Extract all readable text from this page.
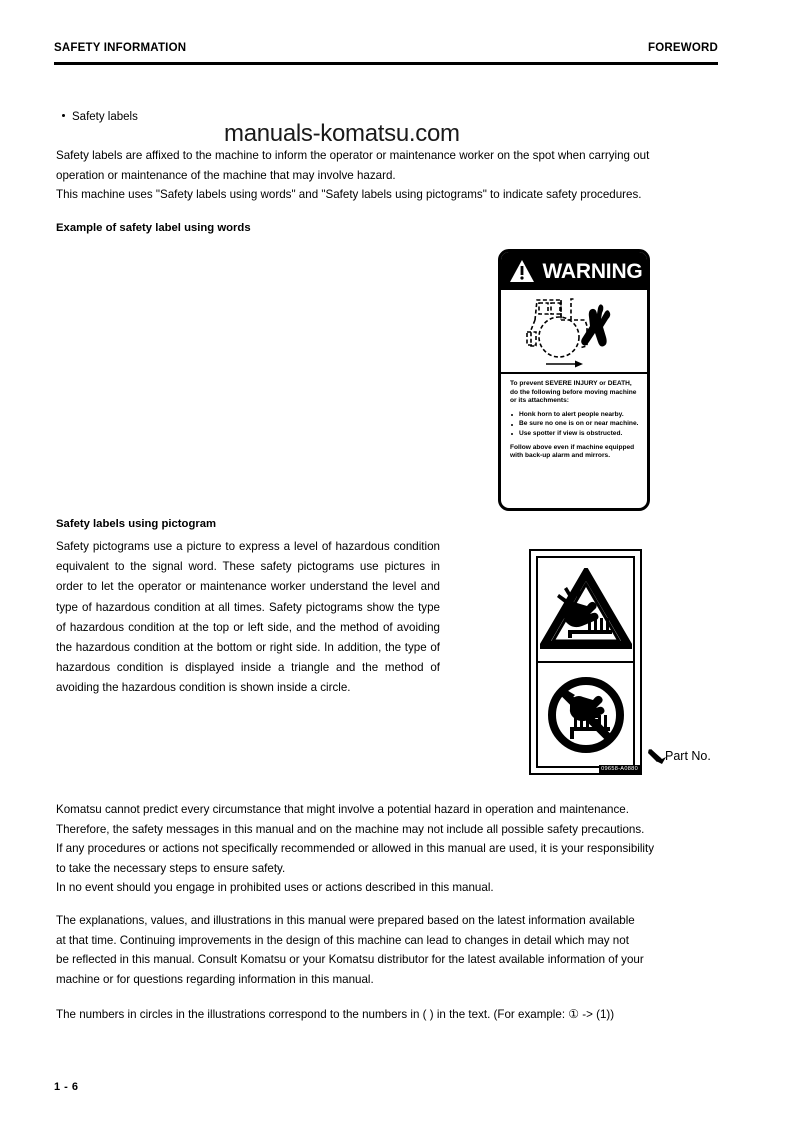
SAFETY INFORMATION	FOREWORD
Safety labels
manuals-komatsu.com

Safety labels are affixed to the machine to inform the operator or maintenance worker on the spot when carrying out

operation or maintenance of the machine that may involve hazard.

This machine uses "Safety labels using words" and "Safety labels using pictograms" to indicate safety procedures.

Example of safety label using words
WARNING
To prevent SEVERE INJURY or DEATH, do the following before moving machine or its attachments:
Honk horn to alert people nearby.
Be sure no one is on or near machine.
Use spotter if view is obstructed.
Follow above even if machine equipped with back-up alarm and mirrors.
Safety labels using pictogram
Safety pictograms use a picture to express a level of hazardous condition equivalent to the signal word. These safety pictograms use pictures in order to let the operator or maintenance worker understand the level and type of hazardous condition at all times. Safety pictograms show the type of hazardous condition at the top or left side, and the method of avoiding the hazardous condition at the bottom or right side. In addition, the type of hazardous condition is displayed inside a triangle and the method of avoiding the hazardous condition is shown inside a circle.
09658-A0880
Part No.

Komatsu cannot predict every circumstance that might involve a potential hazard in operation and maintenance.

Therefore, the safety messages in this manual and on the machine may not include all possible safety precautions.

If any procedures or actions not specifically recommended or allowed in this manual are used, it is your responsibility

to take the necessary steps to ensure safety.

In no event should you engage in prohibited uses or actions described in this manual.

The explanations, values, and illustrations in this manual were prepared based on the latest information available

at that time. Continuing improvements in the design of this machine can lead to changes in detail which may not

be reflected in this manual. Consult Komatsu or your Komatsu distributor for the latest available information of your

machine or for questions regarding information in this manual.

The numbers in circles in the illustrations correspond to the numbers in ( ) in the text. (For example: ① -> (1))

1 - 6
